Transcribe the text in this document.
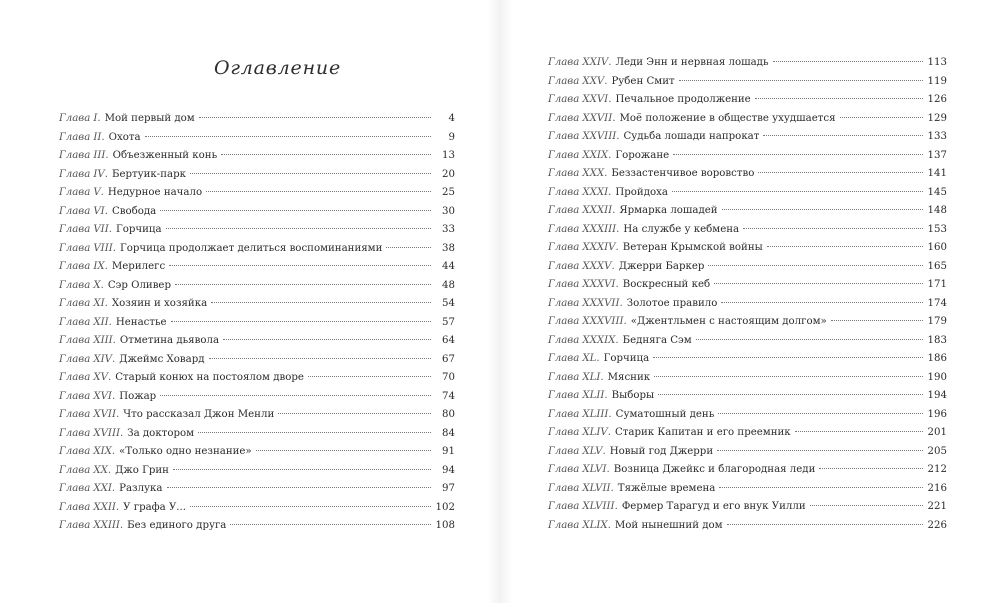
Оглавление
Глава I . Мой первый дом	4
Глава II . Охота	9
Глава III . Объезженный конь	13
Глава IV . Бертуик-парк	20
Глава V . Недурное начало	25
Глава VI . Свобода	30
Глава VII . Горчица	33
Глава VIII . Горчица продолжает делиться воспоминаниями	38
Глава IX . Мерилегс	44
Глава X . Сэр Оливер	48
Глава XI . Хозяин и хозяйка	54
Глава XII . Ненастье	57
Глава XIII . Отметина дьявола	64
Глава XIV . Джеймс Ховард	67
Глава XV . Старый конюх на постоялом дворе	70
Глава XVI . Пожар	74
Глава XVII . Что рассказал Джон Менли	80
Глава XVIII . За доктором	84
Глава XIX . «Только одно незнание»	91
Глава XX . Джо Грин	94
Глава XXI . Разлука	97
Глава XXII . У графа У...	102
Глава XXIII . Без единого друга	108
Глава XXIV . Леди Энн и нервная лошадь	113
Глава XXV . Рубен Смит	119
Глава XXVI . Печальное продолжение	126
Глава XXVII . Моё положение в обществе ухудшается	129
Глава XXVIII . Судьба лошади напрокат	133
Глава XXIX . Горожане	137
Глава XXX . Беззастенчивое воровство	141
Глава XXXI . Пройдоха	145
Глава XXXII . Ярмарка лошадей	148
Глава XXXIII . На службе у кебмена	153
Глава XXXIV . Ветеран Крымской войны	160
Глава XXXV . Джерри Баркер	165
Глава XXXVI . Воскресный кеб	171
Глава XXXVII . Золотое правило	174
Глава XXXVIII . «Джентльмен с настоящим долгом»	179
Глава XXXIX . Бедняга Сэм	183
Глава XL . Горчица	186
Глава XLI . Мясник	190
Глава XLII . Выборы	194
Глава XLIII . Суматошный день	196
Глава XLIV . Старик Капитан и его преемник	201
Глава XLV . Новый год Джерри	205
Глава XLVI . Возница Джейкс и благородная леди	212
Глава XLVII . Тяжёлые времена	216
Глава XLVIII . Фермер Тарагуд и его внук Уилли	221
Глава XLIX . Мой нынешний дом	226
